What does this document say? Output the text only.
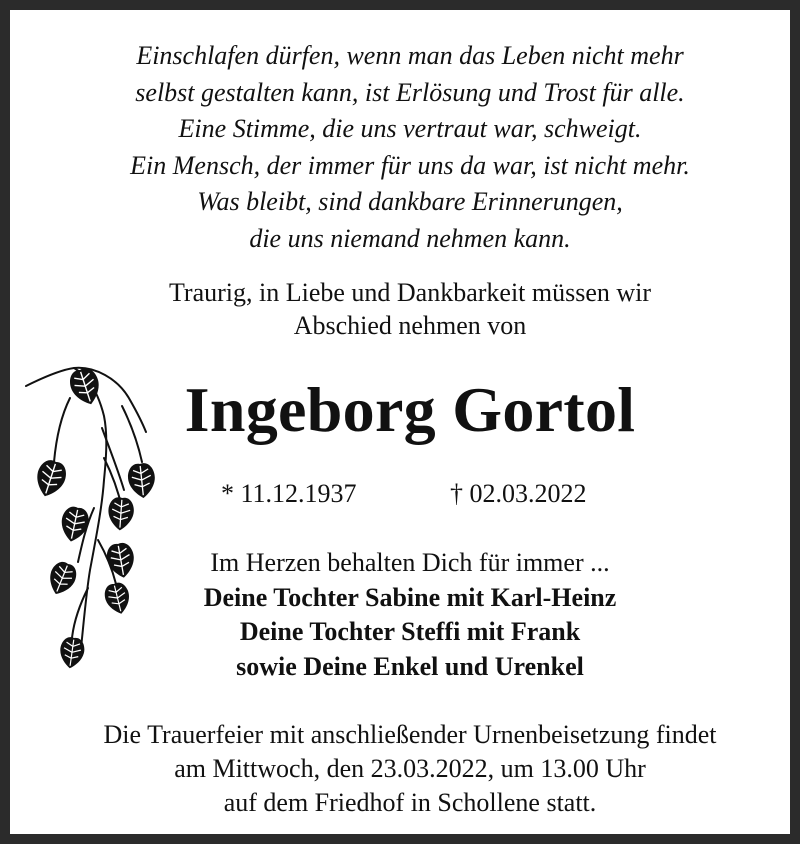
Einschlafen dürfen, wenn man das Leben nicht mehr
selbst gestalten kann, ist Erlösung und Trost für alle.
Eine Stimme, die uns vertraut war, schweigt.
Ein Mensch, der immer für uns da war, ist nicht mehr.
Was bleibt, sind dankbare Erinnerungen,
die uns niemand nehmen kann.
Traurig, in Liebe und Dankbarkeit müssen wir
Abschied nehmen von
Ingeborg Gortol
* 11.12.1937	† 02.03.2022
Im Herzen behalten Dich für immer ...
Deine Tochter Sabine mit Karl-Heinz
Deine Tochter Steffi mit Frank
sowie Deine Enkel und Urenkel
Die Trauerfeier mit anschließender Urnenbeisetzung findet
am Mittwoch, den 23.03.2022, um 13.00 Uhr
auf dem Friedhof in Schollene statt.
